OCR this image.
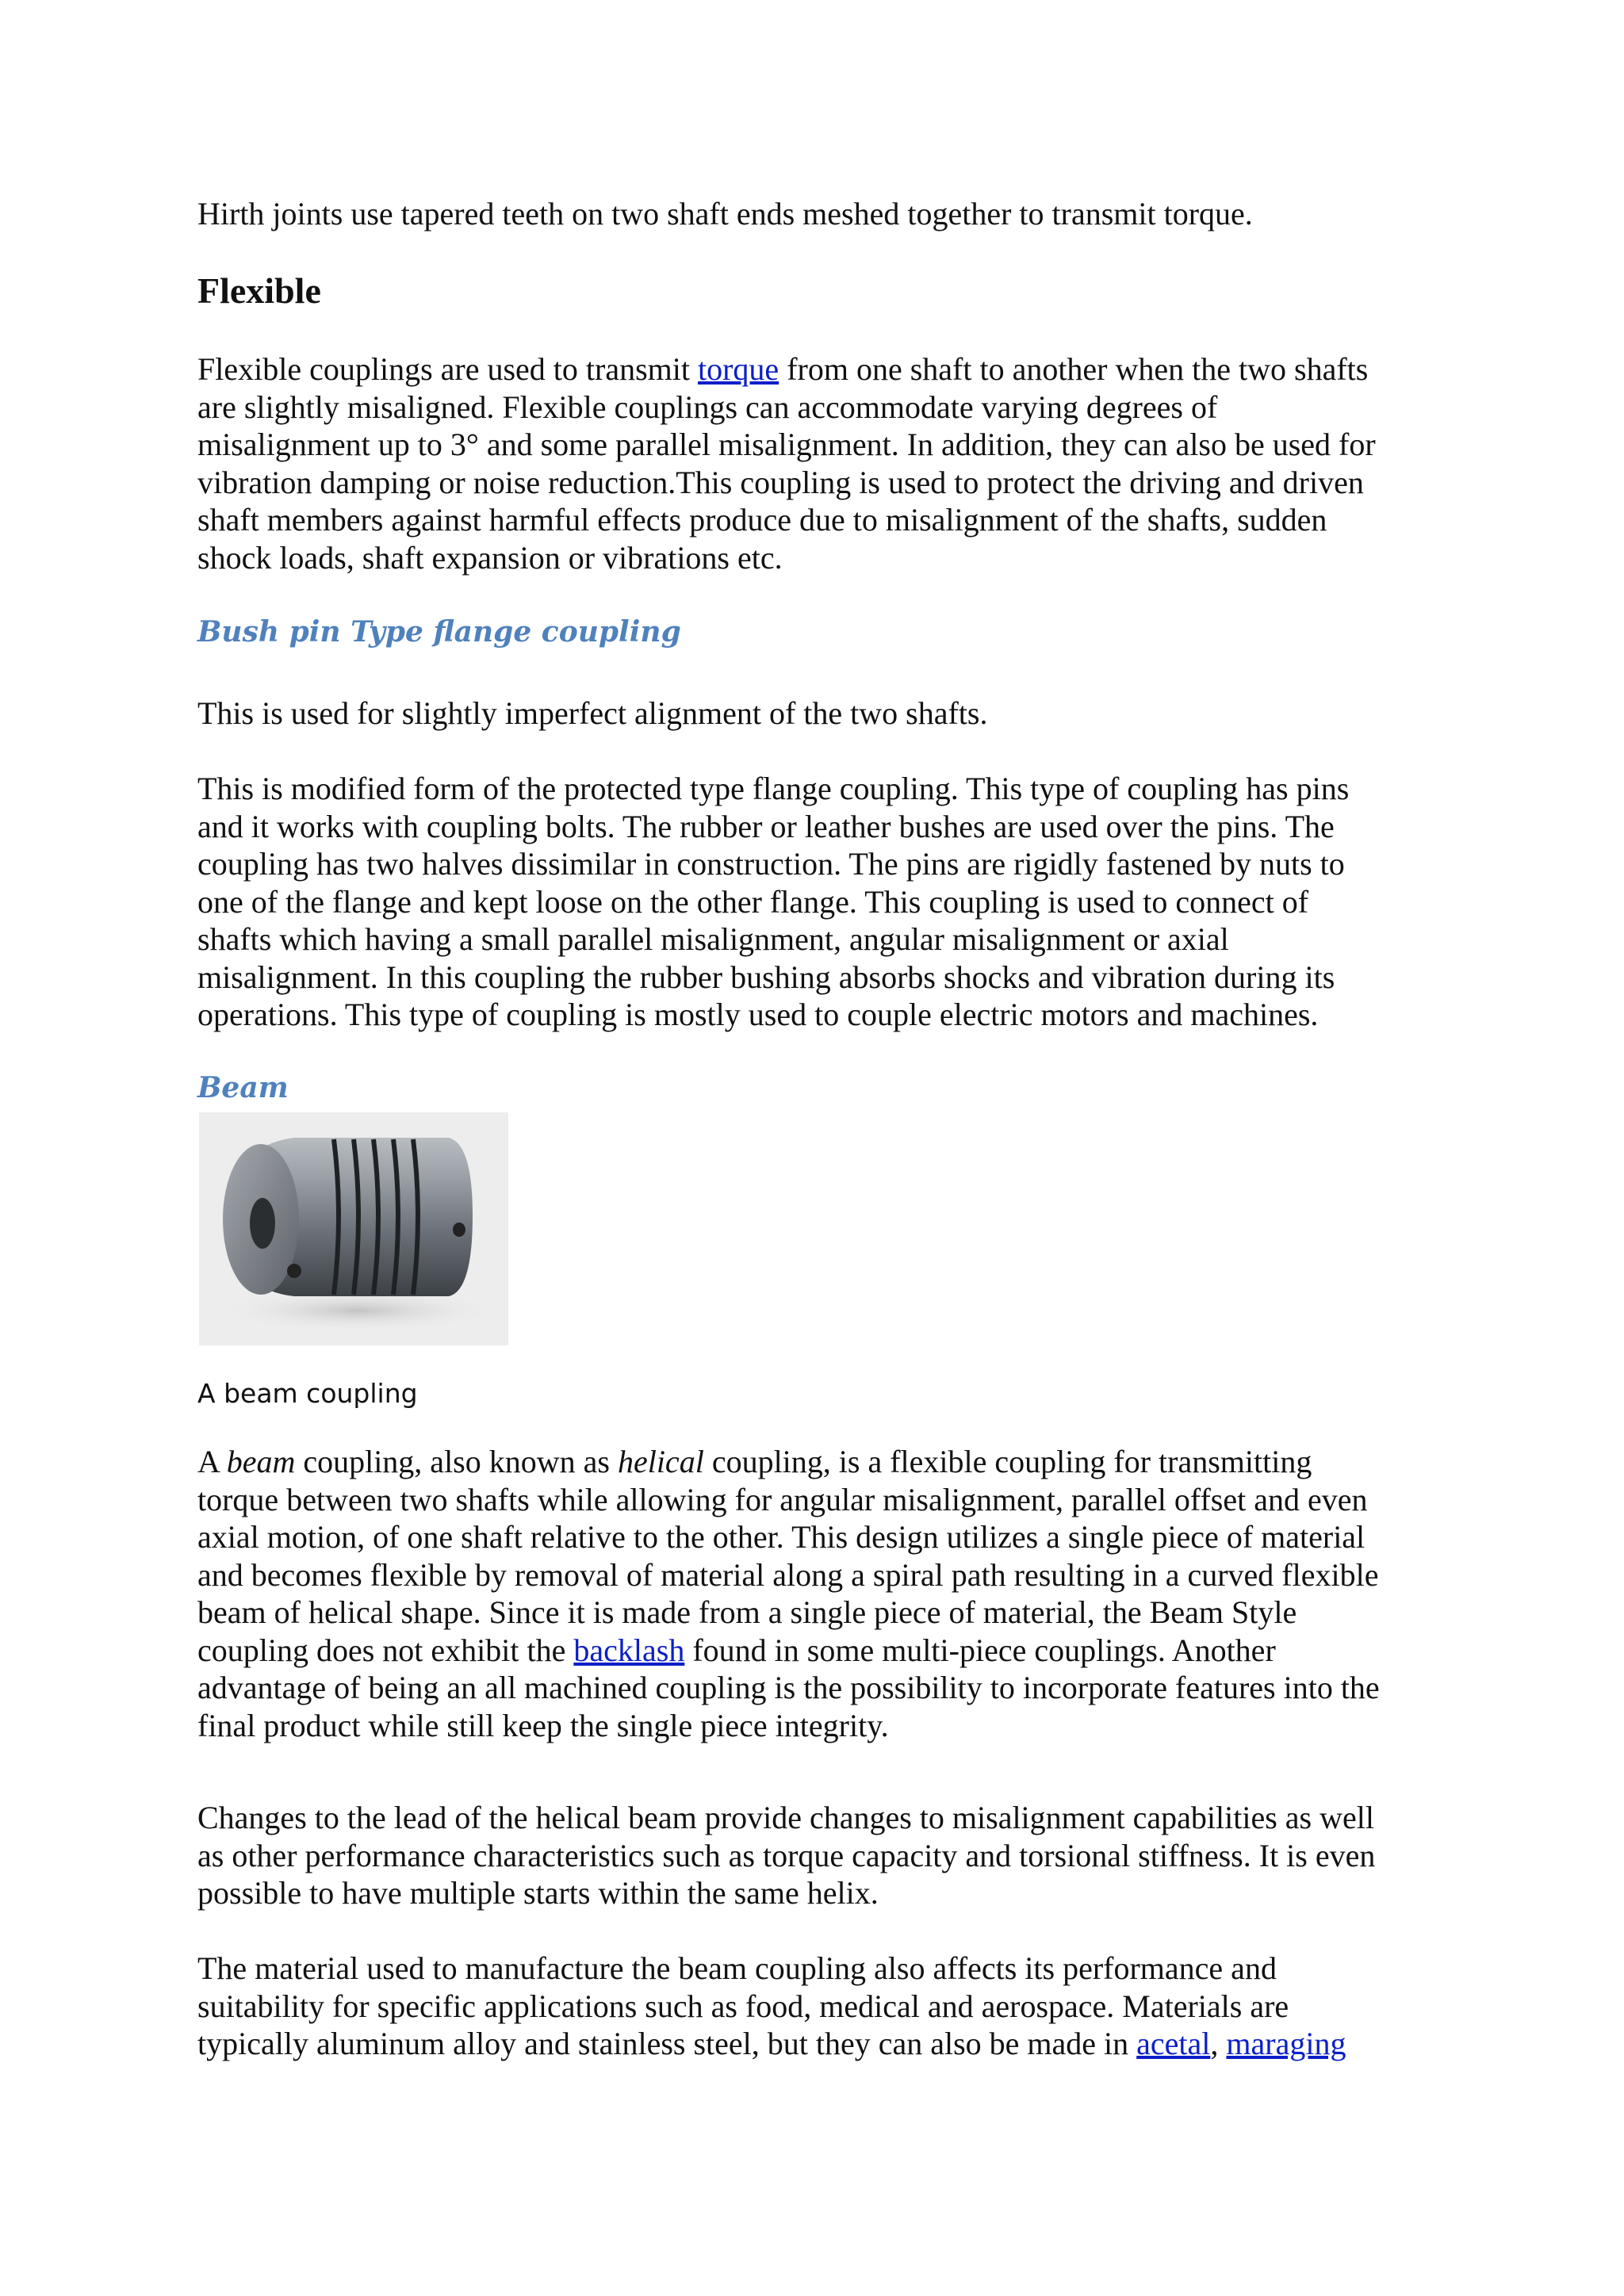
Hirth joints use tapered teeth on two shaft ends meshed together to transmit torque.

Flexible

Flexible couplings are used to transmit torque from one shaft to another when the two shafts
are slightly misaligned. Flexible couplings can accommodate varying degrees of
misalignment up to 3° and some parallel misalignment. In addition, they can also be used for
vibration damping or noise reduction.This coupling is used to protect the driving and driven
shaft members against harmful effects produce due to misalignment of the shafts, sudden
shock loads, shaft expansion or vibrations etc.

Bush pin Type flange coupling

This is used for slightly imperfect alignment of the two shafts.

This is modified form of the protected type flange coupling. This type of coupling has pins
and it works with coupling bolts. The rubber or leather bushes are used over the pins. The
coupling has two halves dissimilar in construction. The pins are rigidly fastened by nuts to
one of the flange and kept loose on the other flange. This coupling is used to connect of
shafts which having a small parallel misalignment, angular misalignment or axial
misalignment. In this coupling the rubber bushing absorbs shocks and vibration during its
operations. This type of coupling is mostly used to couple electric motors and machines.

Beam

A beam coupling

A beam coupling, also known as helical coupling, is a flexible coupling for transmitting
torque between two shafts while allowing for angular misalignment, parallel offset and even
axial motion, of one shaft relative to the other. This design utilizes a single piece of material
and becomes flexible by removal of material along a spiral path resulting in a curved flexible
beam of helical shape. Since it is made from a single piece of material, the Beam Style
coupling does not exhibit the backlash found in some multi-piece couplings. Another
advantage of being an all machined coupling is the possibility to incorporate features into the
final product while still keep the single piece integrity.

Changes to the lead of the helical beam provide changes to misalignment capabilities as well
as other performance characteristics such as torque capacity and torsional stiffness. It is even
possible to have multiple starts within the same helix.

The material used to manufacture the beam coupling also affects its performance and
suitability for specific applications such as food, medical and aerospace. Materials are
typically aluminum alloy and stainless steel, but they can also be made in acetal, maraging
